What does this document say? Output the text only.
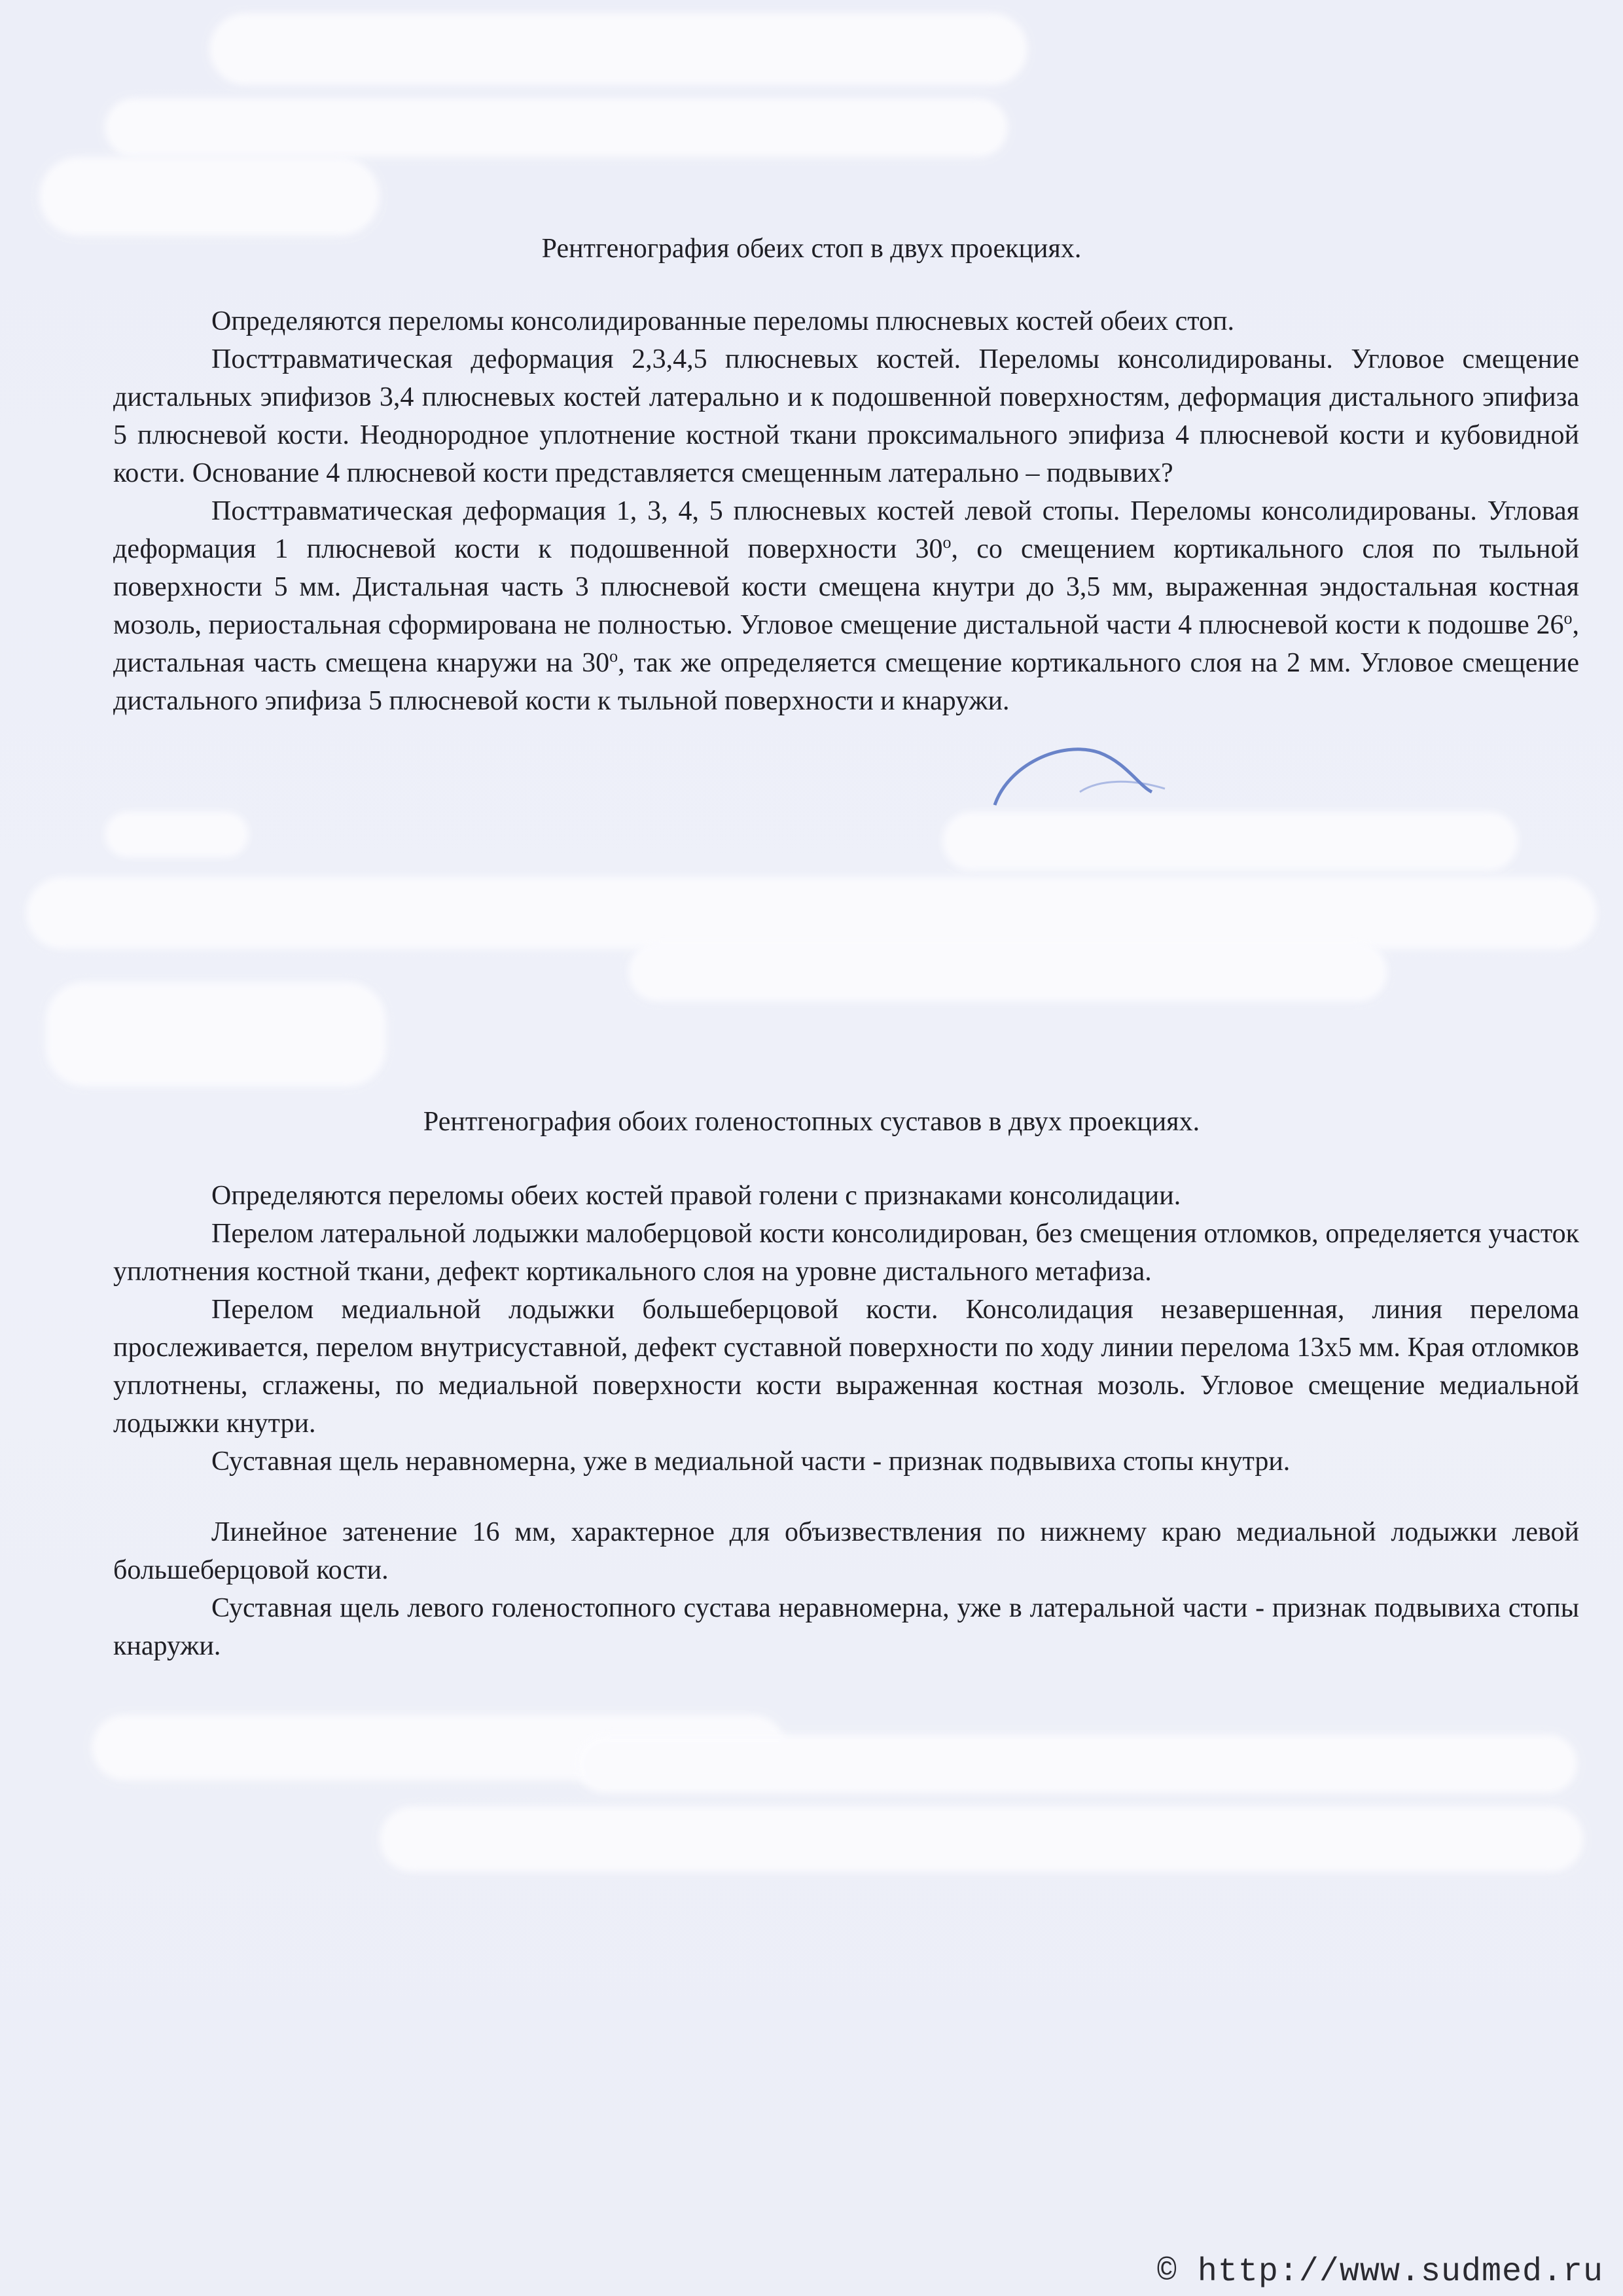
Рентгенография обеих стоп в двух проекциях.

Определяются переломы консолидированные переломы плюсневых костей обеих стоп.

Посттравматическая деформация 2,3,4,5 плюсневых костей. Переломы консолидированы. Угловое смещение дистальных эпифизов 3,4 плюсневых костей латерально и к подошвенной поверхностям, деформация дистального эпифиза 5 плюсневой кости. Неоднородное уплотнение костной ткани проксимального эпифиза 4 плюсневой кости и кубовидной кости. Основание 4 плюсневой кости представляется смещенным латерально – подвывих?

Посттравматическая деформация 1, 3, 4, 5 плюсневых костей левой стопы. Переломы консолидированы. Угловая деформация 1 плюсневой кости к подошвенной поверхности 30$^o$, со смещением кортикального слоя по тыльной поверхности 5 мм. Дистальная часть 3 плюсневой кости смещена кнутри до 3,5 мм, выраженная эндостальная костная мозоль, периостальная сформирована не полностью. Угловое смещение дистальной части 4 плюсневой кости к подошве 26$^o$, дистальная часть смещена кнаружи на 30$^o$, так же определяется смещение кортикального слоя на 2 мм. Угловое смещение дистального эпифиза 5 плюсневой кости к тыльной поверхности и кнаружи.

Рентгенография обоих голеностопных суставов в двух проекциях.

Определяются переломы обеих костей правой голени с признаками консолидации.

Перелом латеральной лодыжки малоберцовой кости консолидирован, без смещения отломков, определяется участок уплотнения костной ткани, дефект кортикального слоя на уровне дистального метафиза.

Перелом медиальной лодыжки большеберцовой кости. Консолидация незавершенная, линия перелома прослеживается, перелом внутрисуставной, дефект суставной поверхности по ходу линии перелома 13х5 мм. Края отломков уплотнены, сглажены, по медиальной поверхности кости выраженная костная мозоль. Угловое смещение медиальной лодыжки кнутри.

Суставная щель неравномерна, уже в медиальной части - признак подвывиха стопы кнутри.

Линейное затенение 16 мм, характерное для объизвествления по нижнему краю медиальной лодыжки левой большеберцовой кости.

Суставная щель левого голеностопного сустава неравномерна, уже в латеральной части - признак подвывиха стопы кнаружи.

© http://www.sudmed.ru
